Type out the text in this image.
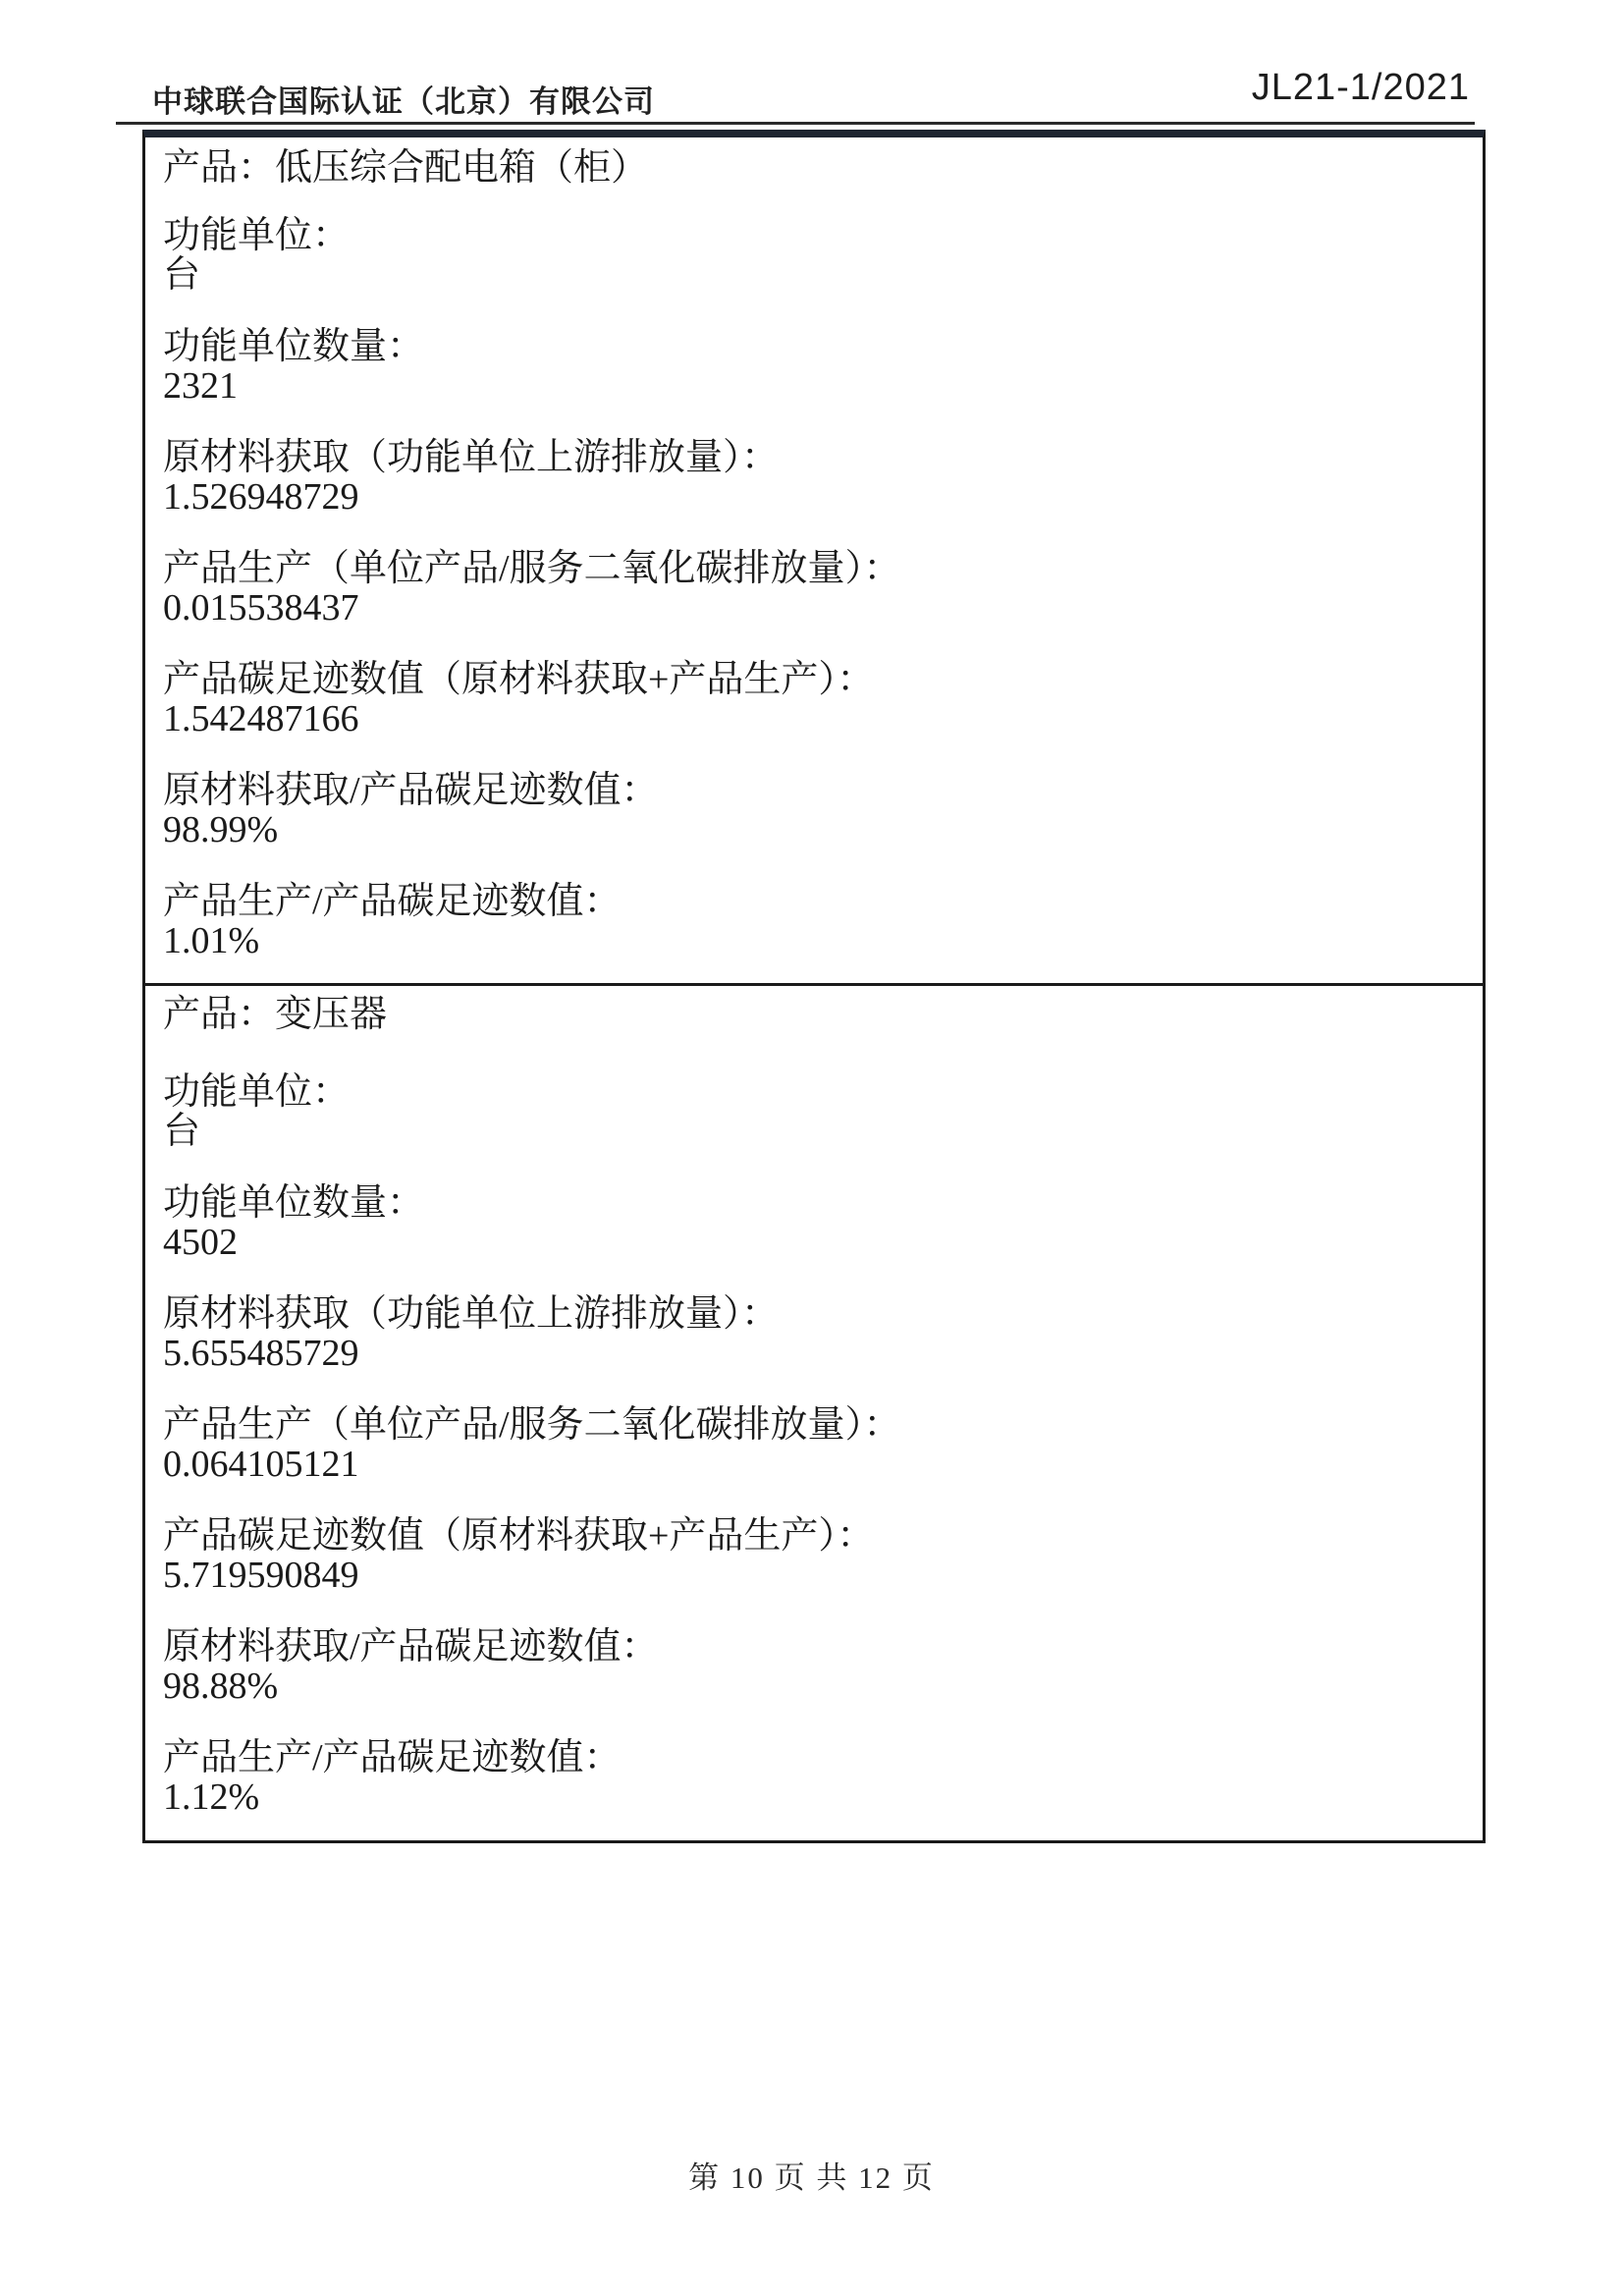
中球联合国际认证（北京）有限公司	JL21-1/2021
产品：低压综合配电箱（柜）
功能单位：
台
功能单位数量：
2321
原材料获取（功能单位上游排放量）：
1.526948729
产品生产（单位产品/服务二氧化碳排放量）：
0.015538437
产品碳足迹数值（原材料获取+产品生产）：
1.542487166
原材料获取/产品碳足迹数值：
98.99%
产品生产/产品碳足迹数值：
1.01%
产品：变压器
功能单位：
台
功能单位数量：
4502
原材料获取（功能单位上游排放量）：
5.655485729
产品生产（单位产品/服务二氧化碳排放量）：
0.064105121
产品碳足迹数值（原材料获取+产品生产）：
5.719590849
原材料获取/产品碳足迹数值：
98.88%
产品生产/产品碳足迹数值：
1.12%
第 10 页 共 12 页
